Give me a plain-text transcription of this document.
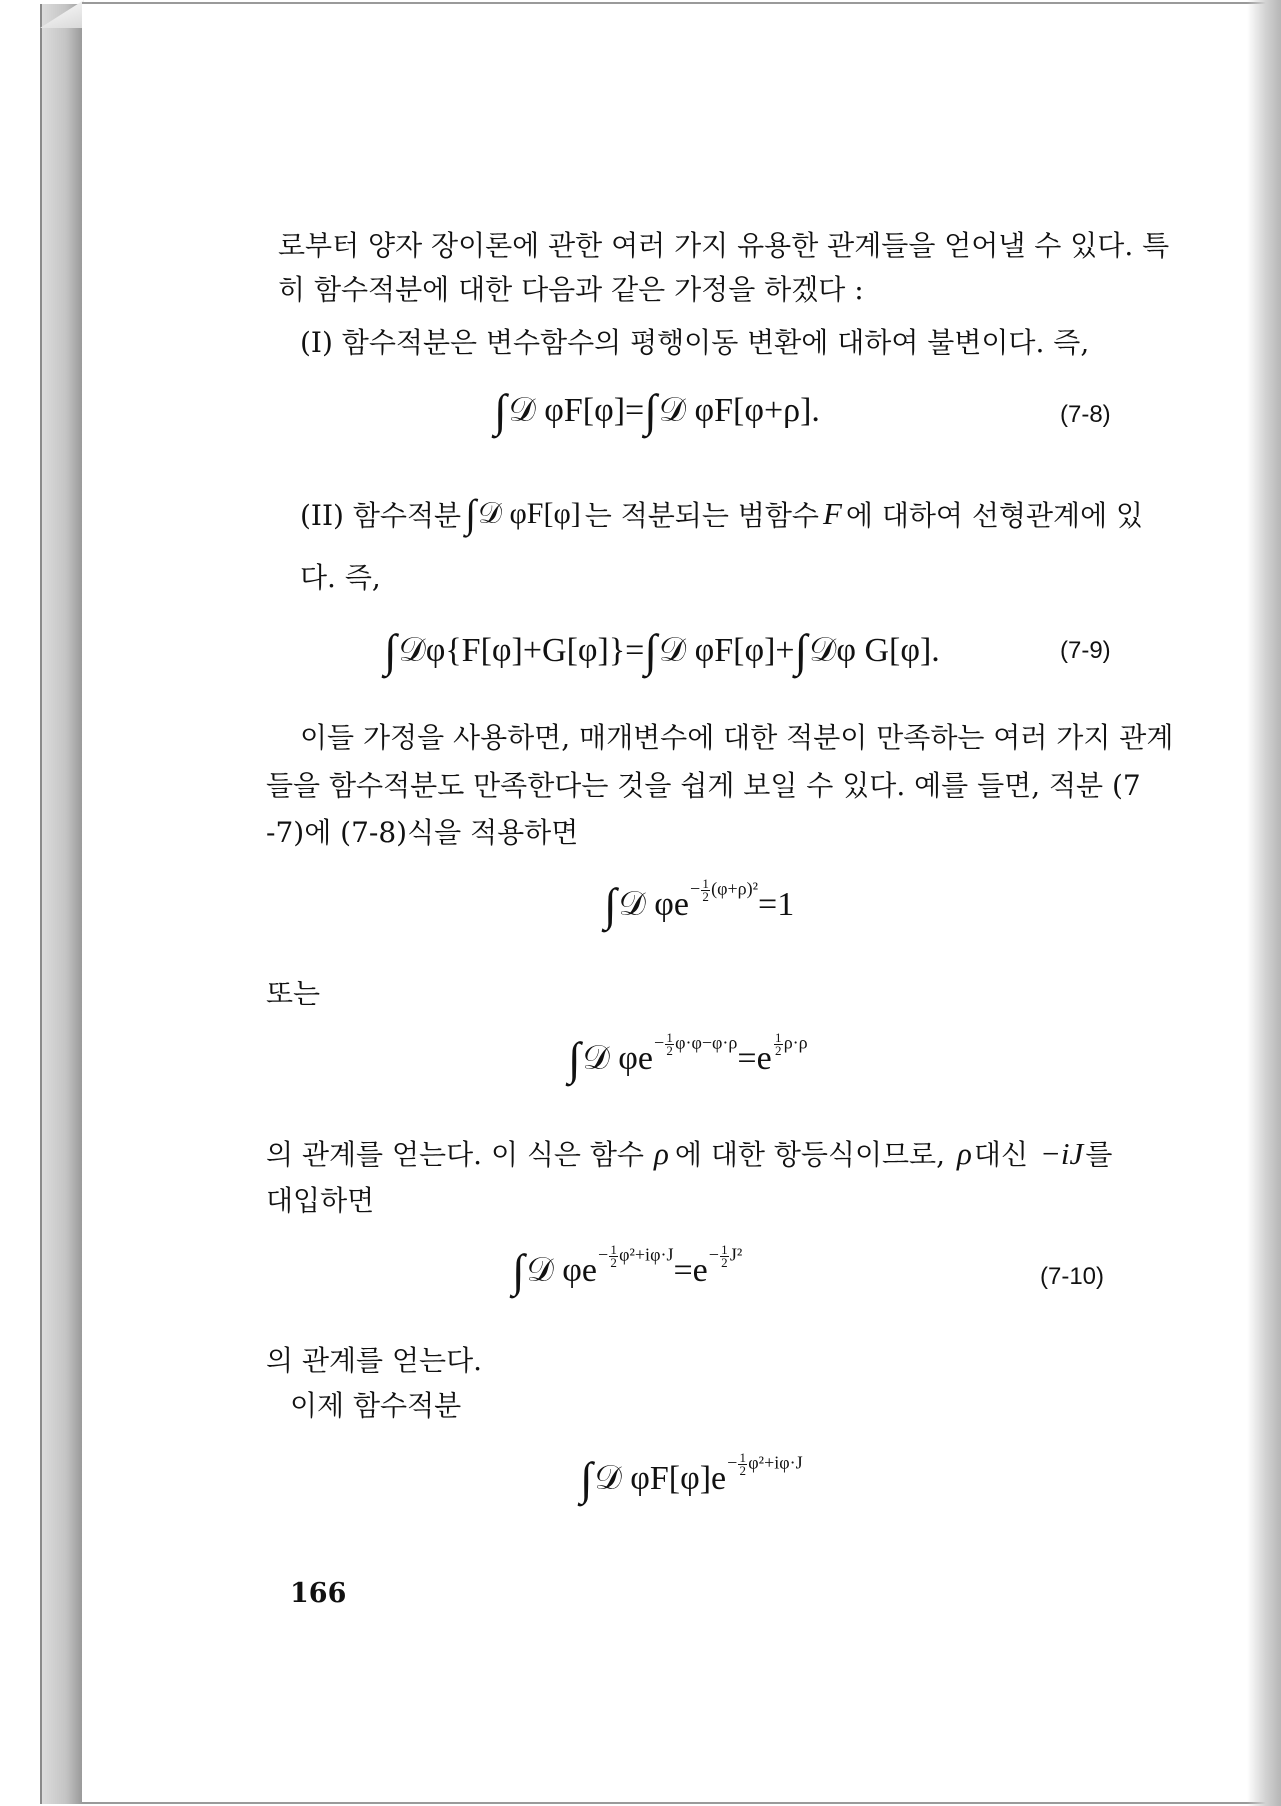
로부터 양자 장이론에 관한 여러 가지 유용한 관계들을 얻어낼 수 있다. 특
히 함수적분에 대한 다음과 같은 가정을 하겠다 :
(I) 함수적분은 변수함수의 평행이동 변환에 대하여 불변이다. 즉,
∫ 𝒟 φF[φ]= ∫ 𝒟 φF[φ+ρ].	(7-8)
(II) 함수적분 ∫ 𝒟 φF[φ] 는 적분되는 범함수 F 에 대하여 선형관계에 있
다. 즉,
∫ 𝒟φ{F[φ]+G[φ]}= ∫ 𝒟 φF[φ]+ ∫ 𝒟φ G[φ].	(7-9)
이들 가정을 사용하면, 매개변수에 대한 적분이 만족하는 여러 가지 관계
들을 함수적분도 만족한다는 것을 쉽게 보일 수 있다. 예를 들면, 적분 (7
-7)에 (7-8)식을 적용하면
∫ 𝒟 $\varphi e - \frac{1}{2} (\varphi+\rho)^2 =1$
또는
∫ 𝒟 $\varphi e - \frac{1}{2} \varphi\cdot\varphi-\varphi\cdot\rho =e \frac{1}{2} \rho\cdot\rho$
의 관계를 얻는다. 이 식은 함수 ρ 에 대한 항등식이므로, ρ 대신 −iJ 를
대입하면
∫ 𝒟 $\varphi e - \frac{1}{2} \varphi^2+i\varphi\cdot J =e - \frac{1}{2} J^2$
(7-10)
의 관계를 얻는다.
이제 함수적분
∫ 𝒟 $\varphi F[\varphi]e - \frac{1}{2} \varphi^2+i\varphi\cdot J$
166
